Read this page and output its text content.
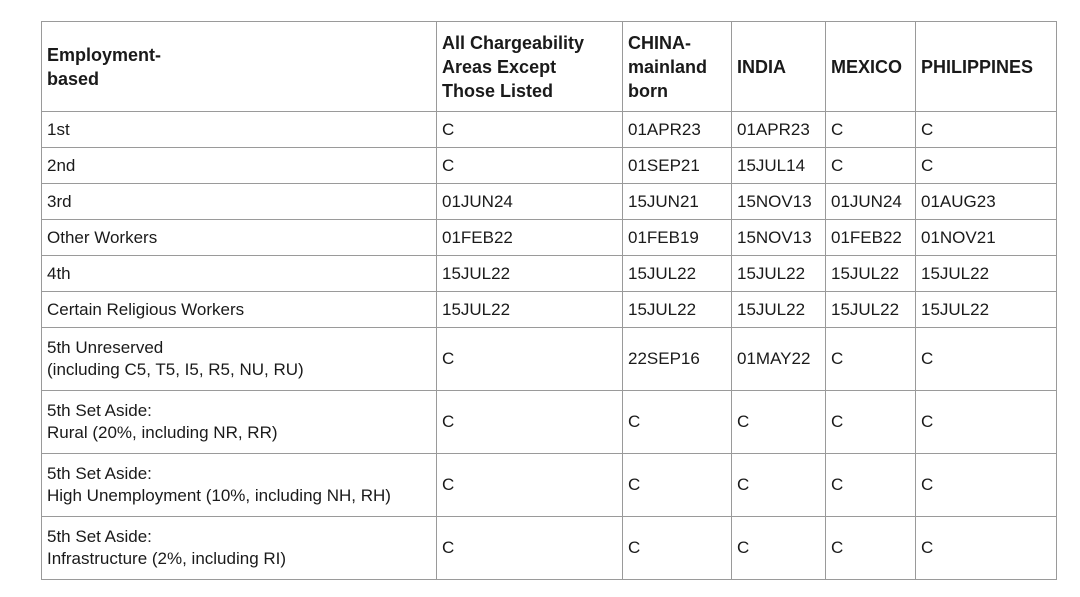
Employment-
based	All Chargeability
Areas Except
Those Listed	CHINA-
mainland
born	INDIA	MEXICO	PHILIPPINES

1st	C	01APR23	01APR23	C	C

2nd	C	01SEP21	15JUL14	C	C

3rd	01JUN24	15JUN21	15NOV13	01JUN24	01AUG23

Other Workers	01FEB22	01FEB19	15NOV13	01FEB22	01NOV21

4th	15JUL22	15JUL22	15JUL22	15JUL22	15JUL22

Certain Religious Workers	15JUL22	15JUL22	15JUL22	15JUL22	15JUL22

5th Unreserved
(including C5, T5, I5, R5, NU, RU)	C	22SEP16	01MAY22	C	C

5th Set Aside:
Rural (20%, including NR, RR)	C	C	C	C	C

5th Set Aside:
High Unemployment (10%, including NH, RH)	C	C	C	C	C

5th Set Aside:
Infrastructure (2%, including RI)	C	C	C	C	C
